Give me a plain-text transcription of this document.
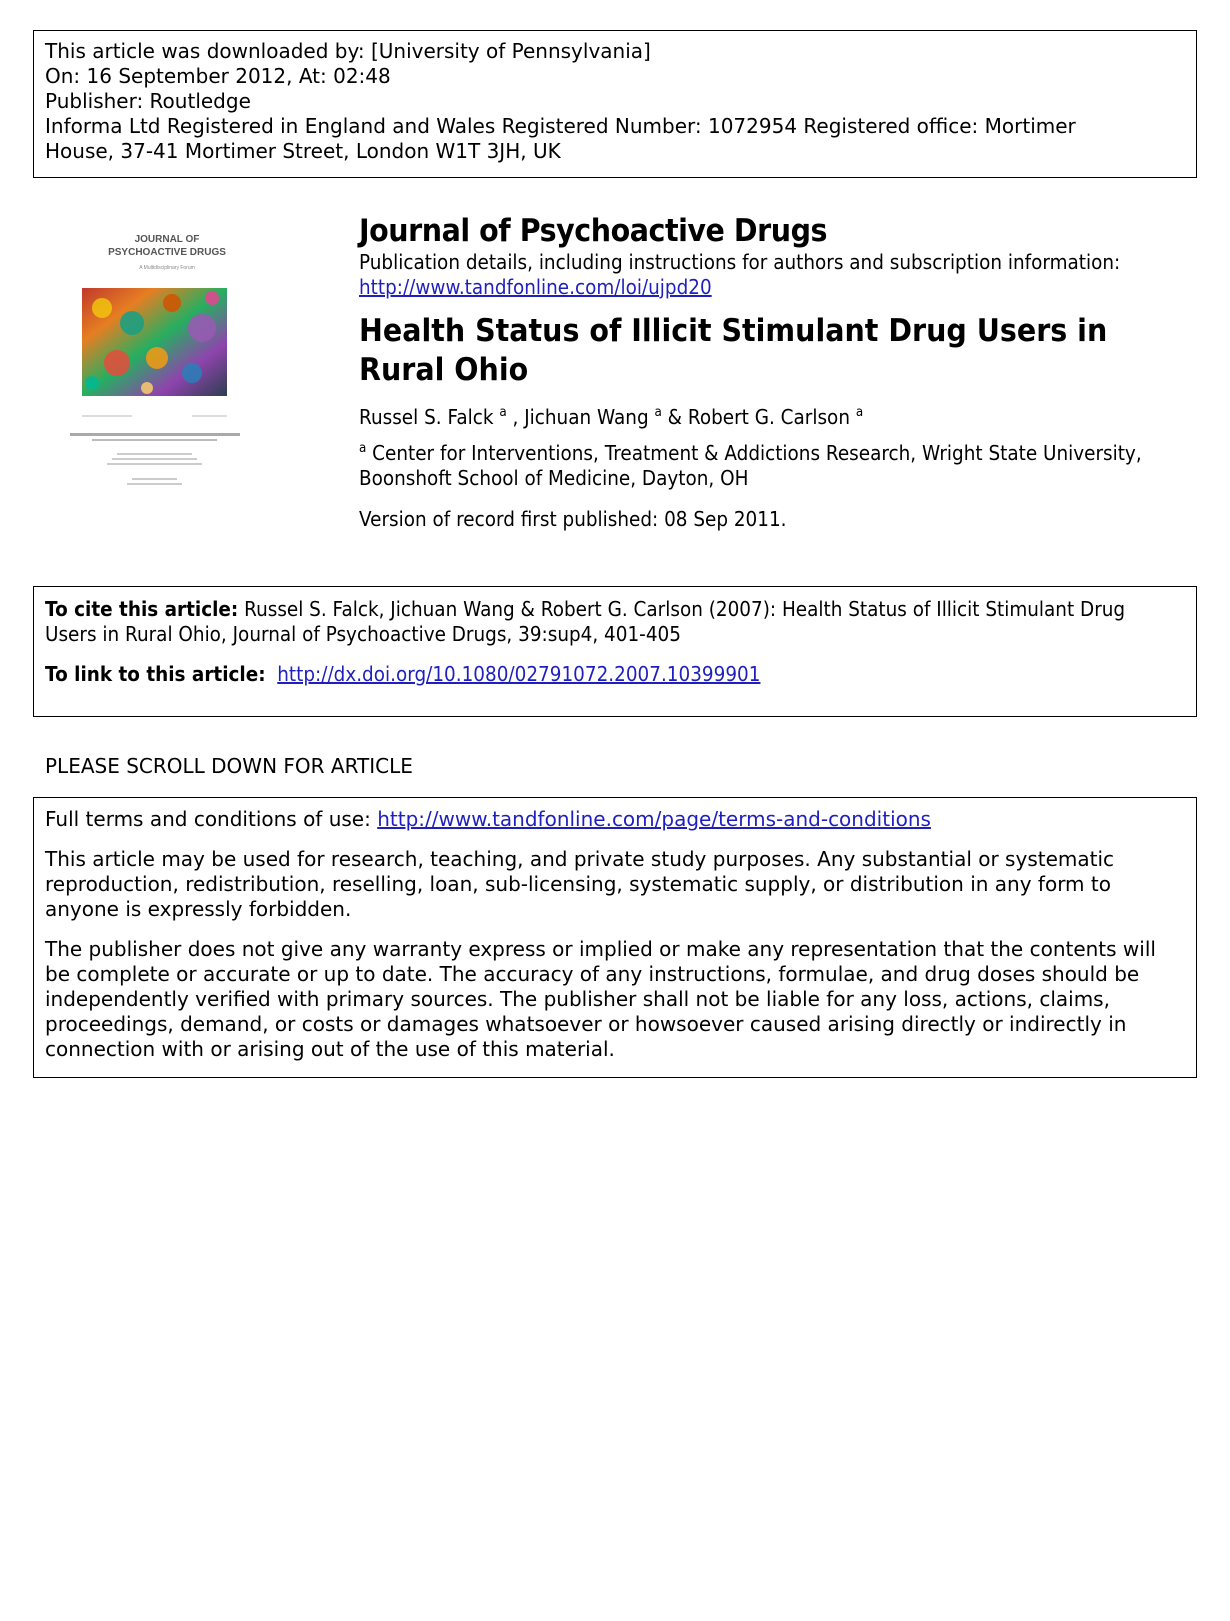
This article was downloaded by: [University of Pennsylvania]
On: 16 September 2012, At: 02:48
Publisher: Routledge
Informa Ltd Registered in England and Wales Registered Number: 1072954 Registered office: Mortimer
House, 37-41 Mortimer Street, London W1T 3JH, UK
JOURNAL OF
PSYCHOACTIVE DRUGS
A Multidisciplinary Forum
Journal of Psychoactive Drugs
Publication details, including instructions for authors and subscription information:
http://www.tandfonline.com/loi/ujpd20
Health Status of Illicit Stimulant Drug Users in Rural Ohio
Russel S. Falck $^a$ , Jichuan Wang $^a$ & Robert G. Carlson $^a$
$^a$ Center for Interventions, Treatment & Addictions Research, Wright State University, Boonshoft School of Medicine, Dayton, OH
Version of record first published: 08 Sep 2011.
To cite this article: Russel S. Falck, Jichuan Wang & Robert G. Carlson (2007): Health Status of Illicit Stimulant Drug
Users in Rural Ohio, Journal of Psychoactive Drugs, 39:sup4, 401-405
To link to this article: http://dx.doi.org/10.1080/02791072.2007.10399901
PLEASE SCROLL DOWN FOR ARTICLE

Full terms and conditions of use: http://www.tandfonline.com/page/terms-and-conditions

This article may be used for research, teaching, and private study purposes. Any substantial or systematic reproduction, redistribution, reselling, loan, sub-licensing, systematic supply, or distribution in any form to anyone is expressly forbidden.

The publisher does not give any warranty express or implied or make any representation that the contents will be complete or accurate or up to date. The accuracy of any instructions, formulae, and drug doses should be independently verified with primary sources. The publisher shall not be liable for any loss, actions, claims, proceedings, demand, or costs or damages whatsoever or howsoever caused arising directly or indirectly in connection with or arising out of the use of this material.
